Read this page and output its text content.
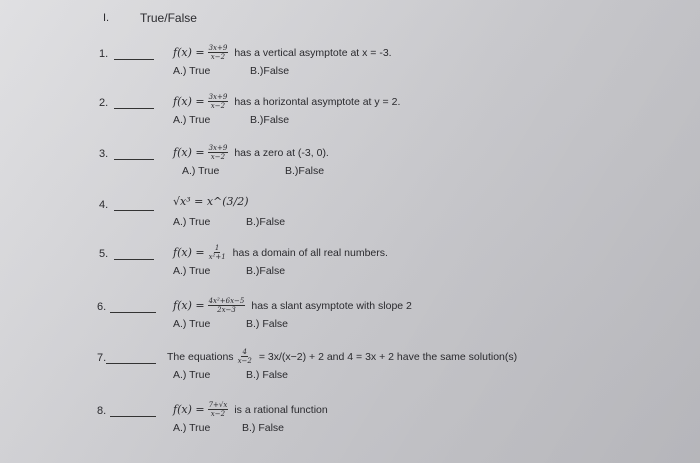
I.	True/False
1.	$f(x) = \frac{3x+9}{x-2}$ has a vertical asymptote at x = -3.
A.) True	B.)False
2.	$f(x) = \frac{3x+9}{x-2}$ has a horizontal asymptote at y = 2.
A.) True	B.)False
3.	$f(x) = \frac{3x+9}{x-2}$ has a zero at (-3, 0).
A.) True	B.)False
4.	√x³ = x^(3/2)
A.) True	B.)False
5.	$f(x) = \frac{1}{\text{x²+1}}$ has a domain of all real numbers.
A.) True	B.)False
6.	$f(x) = \frac{\text{4x²+6x−5}}{2x-3}$ has a slant asymptote with slope 2
A.) True	B.) False
7.	The equations $\frac{4}{x-2} = 3x/(x-2) + 2$ and 4 = 3x + 2 have the same solution(s)
A.) True	B.) False
8.	$f(x) = \frac{7+√x}{x-2}$ is a rational function
A.) True	B.) False
